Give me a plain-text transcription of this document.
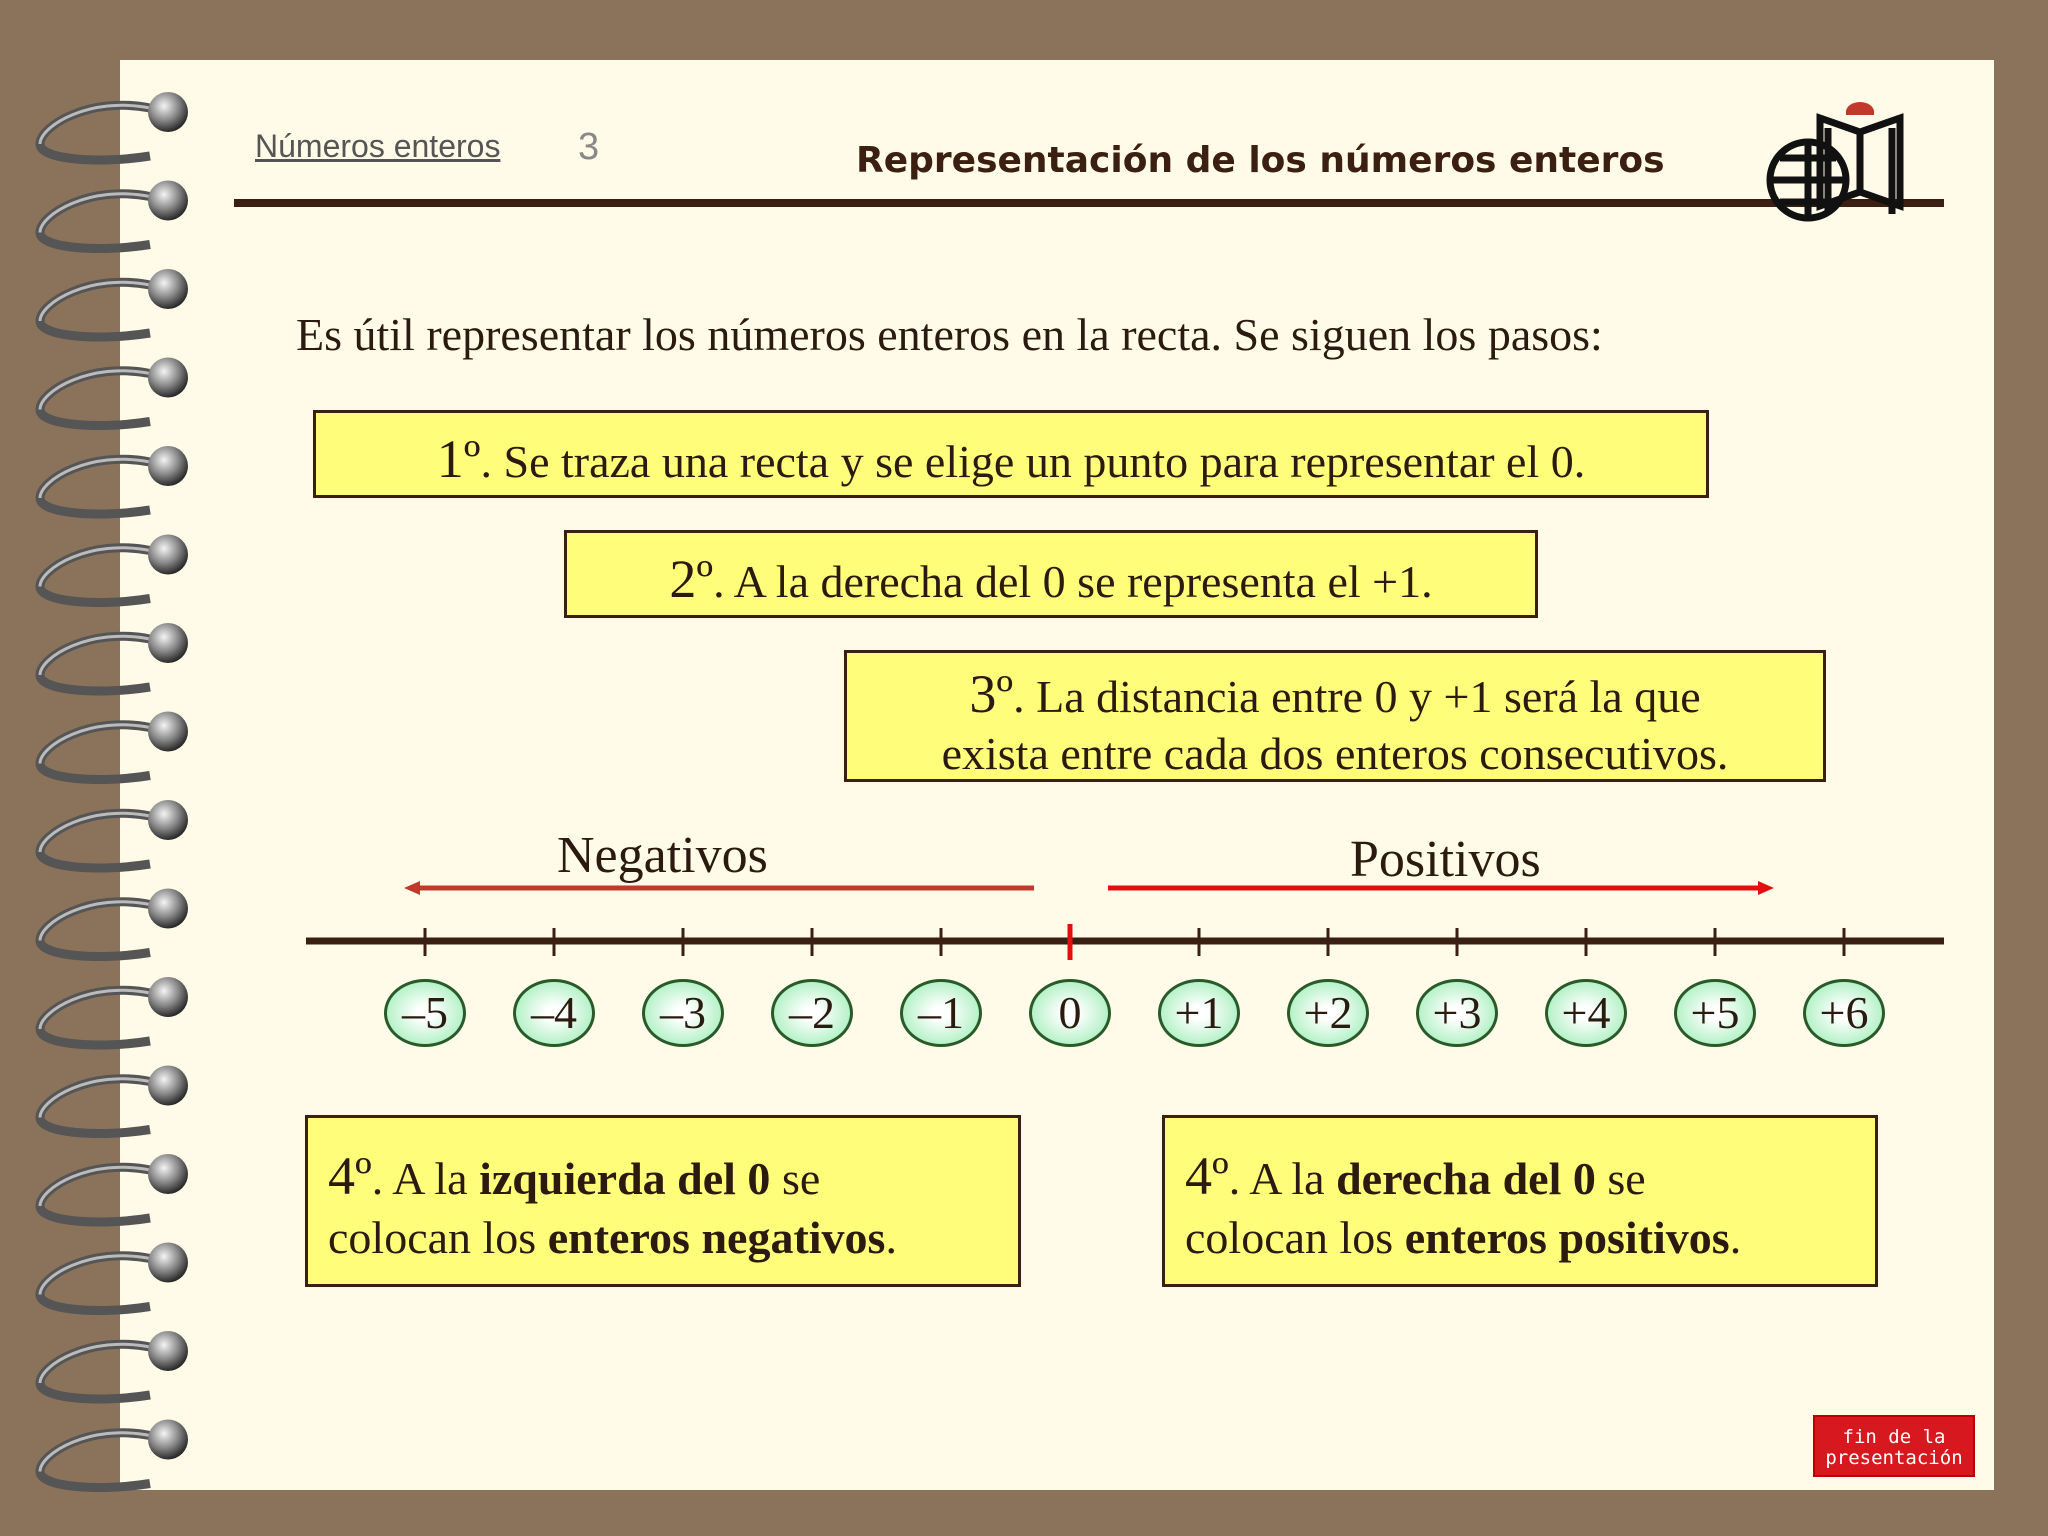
Números enteros 3	Representación de los números enteros
Es útil representar los números enteros en la recta. Se siguen los pasos:
1º. Se traza una recta y se elige un punto para representar el 0.
2º. A la derecha del 0 se representa el +1.
3º. La distancia entre 0 y +1 será la que
exista entre cada dos enteros consecutivos.
Negativos	Positivos
–5	–4	–3	–2	–1	0	+1	+2	+3	+4	+5	+6
4º. A la izquierda del 0 se
colocan los enteros negativos.
4º. A la derecha del 0 se
colocan los enteros positivos.
fin de la
presentación
